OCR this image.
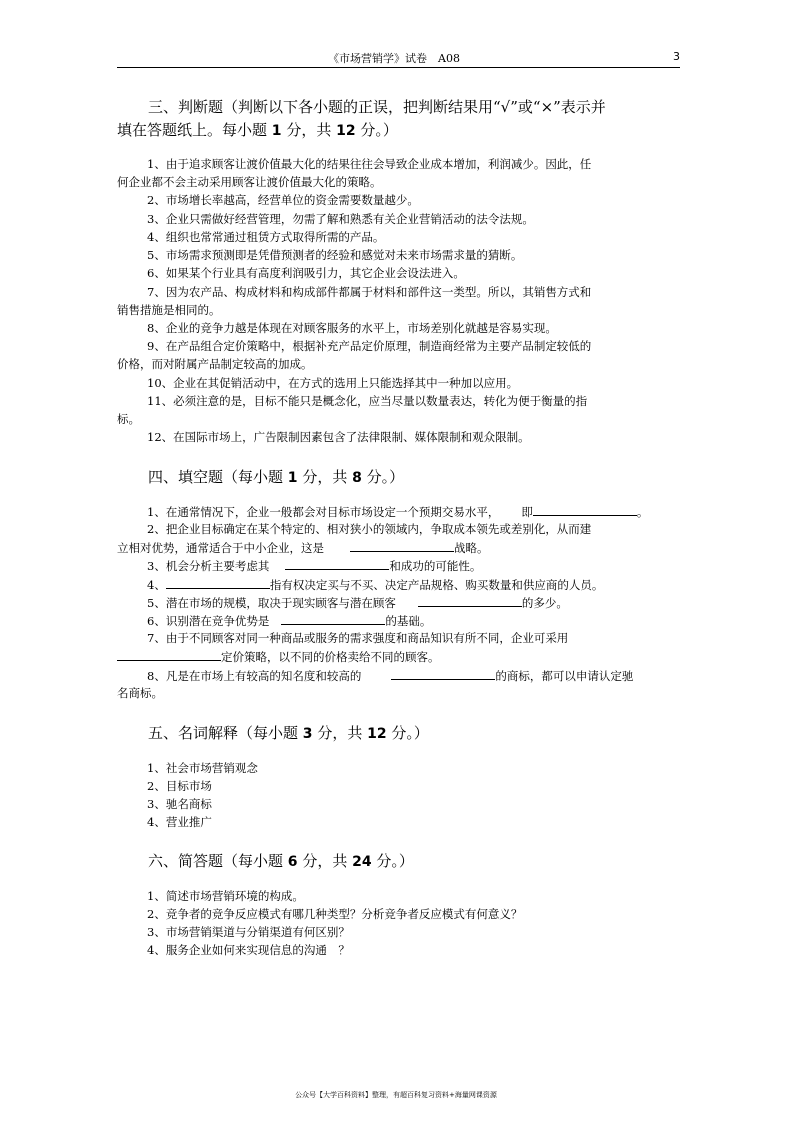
《市场营销学》试卷　A08	3
三、判断题（判断以下各小题的正误，把判断结果用“√”或“×”表示并
填在答题纸上。每小题 1 分，共 12 分。）
1、由于追求顾客让渡价值最大化的结果往往会导致企业成本增加，利润减少。因此，任
何企业都不会主动采用顾客让渡价值最大化的策略。
2、市场增长率越高，经营单位的资金需要数量越少。
3、企业只需做好经营管理，勿需了解和熟悉有关企业营销活动的法令法规。
4、组织也常常通过租赁方式取得所需的产品。
5、市场需求预测即是凭借预测者的经验和感觉对未来市场需求量的猜断。
6、如果某个行业具有高度利润吸引力，其它企业会设法进入。
7、因为农产品、构成材料和构成部件都属于材料和部件这一类型。所以，其销售方式和
销售措施是相同的。
8、企业的竞争力越是体现在对顾客服务的水平上，市场差别化就越是容易实现。
9、在产品组合定价策略中，根据补充产品定价原理，制造商经常为主要产品制定较低的
价格，而对附属产品制定较高的加成。
10、企业在其促销活动中，在方式的选用上只能选择其中一种加以应用。
11、必须注意的是，目标不能只是概念化，应当尽量以数量表达，转化为便于衡量的指
标。
12、在国际市场上，广告限制因素包含了法律限制、媒体限制和观众限制。
四、填空题（每小题 1 分，共 8 分。）
1、在通常情况下，企业一般都会对目标市场设定一个预期交易水平， 即	。
2、把企业目标确定在某个特定的、相对狭小的领域内，争取成本领先或差别化，从而建
立相对优势，通常适合于中小企业，这是	战略。
3、机会分析主要考虑其	和成功的可能性。
4、	指有权决定买与不买、决定产品规格、购买数量和供应商的人员。
5、潜在市场的规模，取决于现实顾客与潜在顾客	的多少。
6、识别潜在竞争优势是	的基础。
7、由于不同顾客对同一种商品或服务的需求强度和商品知识有所不同，企业可采用
定价策略，以不同的价格卖给不同的顾客。
8、凡是在市场上有较高的知名度和较高的	的商标，都可以申请认定驰
名商标。
五、名词解释（每小题 3 分，共 12 分。）
1、社会市场营销观念
2、目标市场
3、驰名商标
4、营业推广
六、简答题（每小题 6 分，共 24 分。）
1、简述市场营销环境的构成。
2、竞争者的竞争反应模式有哪几种类型？分析竞争者反应模式有何意义？
3、市场营销渠道与分销渠道有何区别？
4、服务企业如何来实现信息的沟通　？
公众号【大学百科资料】整理，有超百科复习资料+海量网课资源
